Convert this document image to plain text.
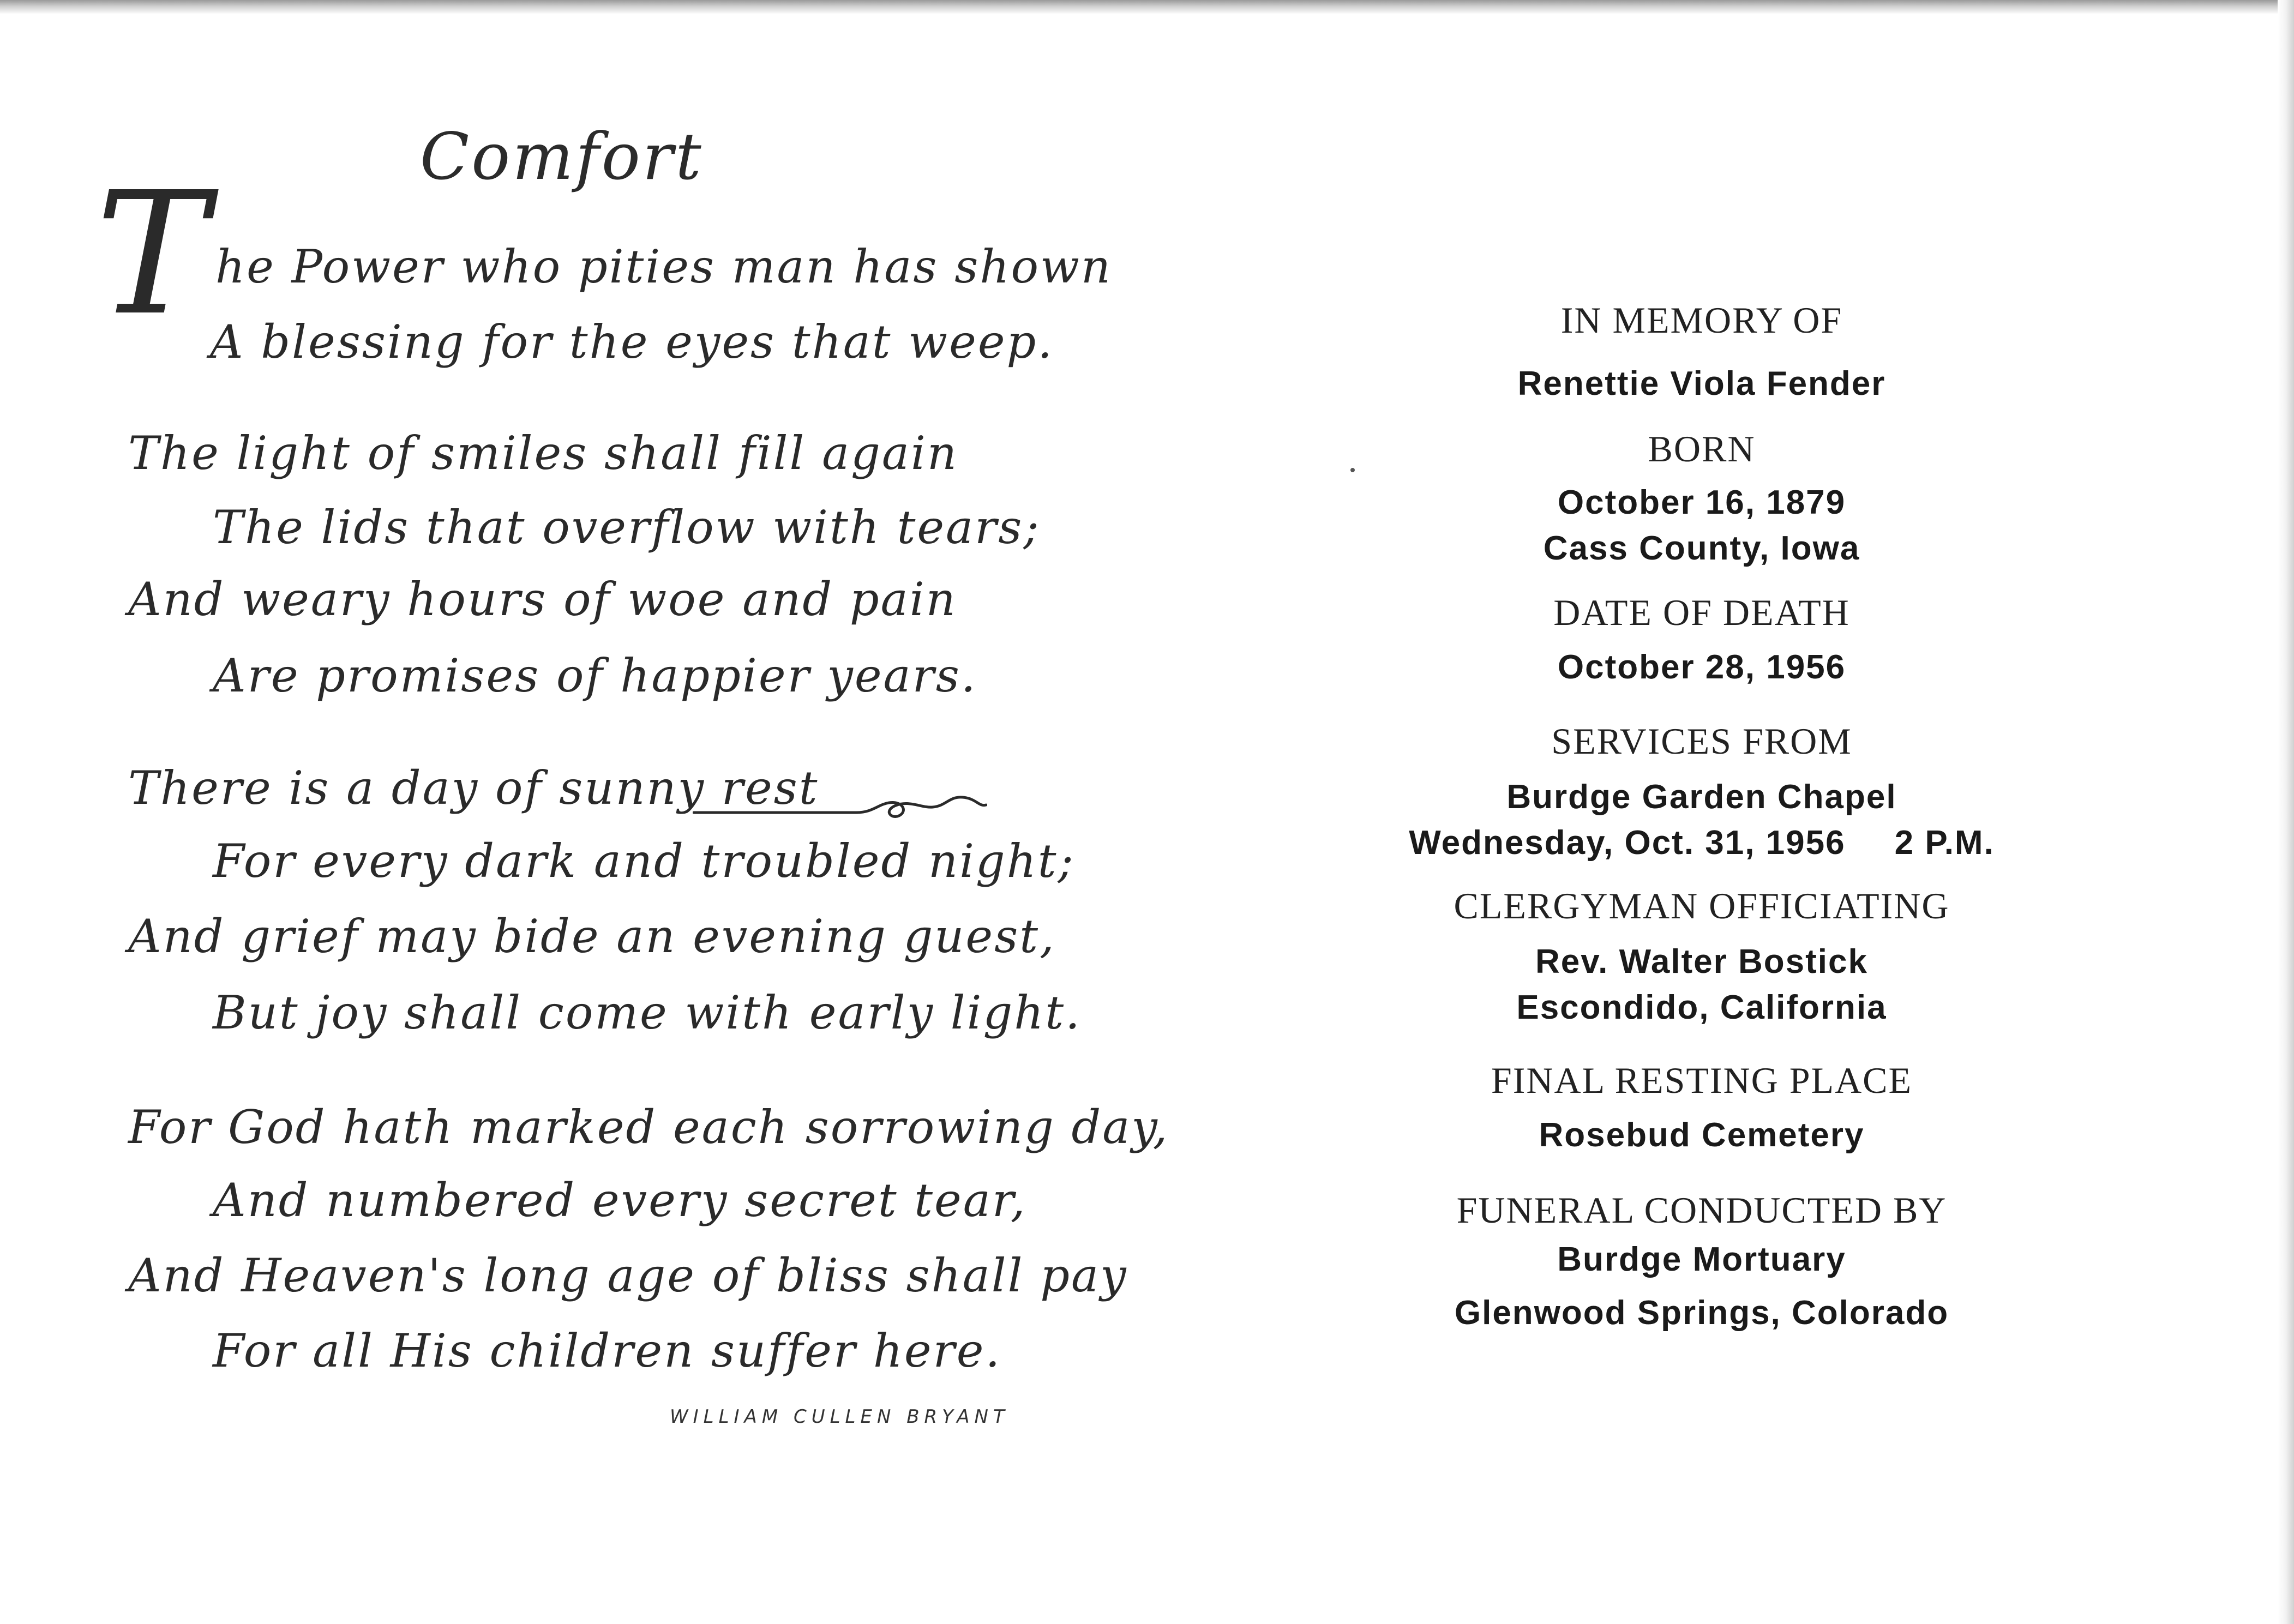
Comfort
T he Power who pities man has shown
A blessing for the eyes that weep.
The light of smiles shall fill again
The lids that overflow with tears;
And weary hours of woe and pain
Are promises of happier years.
There is a day of sunny rest
For every dark and troubled night;
And grief may bide an evening guest,
But joy shall come with early light.
For God hath marked each sorrowing day,
And numbered every secret tear,
And Heaven's long age of bliss shall pay
For all His children suffer here.
WILLIAM CULLEN BRYANT
IN MEMORY OF
Renettie Viola Fender
BORN
October 16, 1879
Cass County, Iowa
DATE OF DEATH
October 28, 1956
SERVICES FROM
Burdge Garden Chapel
Wednesday, Oct. 31, 1956 2 P.M.
CLERGYMAN OFFICIATING
Rev. Walter Bostick
Escondido, California
FINAL RESTING PLACE
Rosebud Cemetery
FUNERAL CONDUCTED BY
Burdge Mortuary
Glenwood Springs, Colorado
